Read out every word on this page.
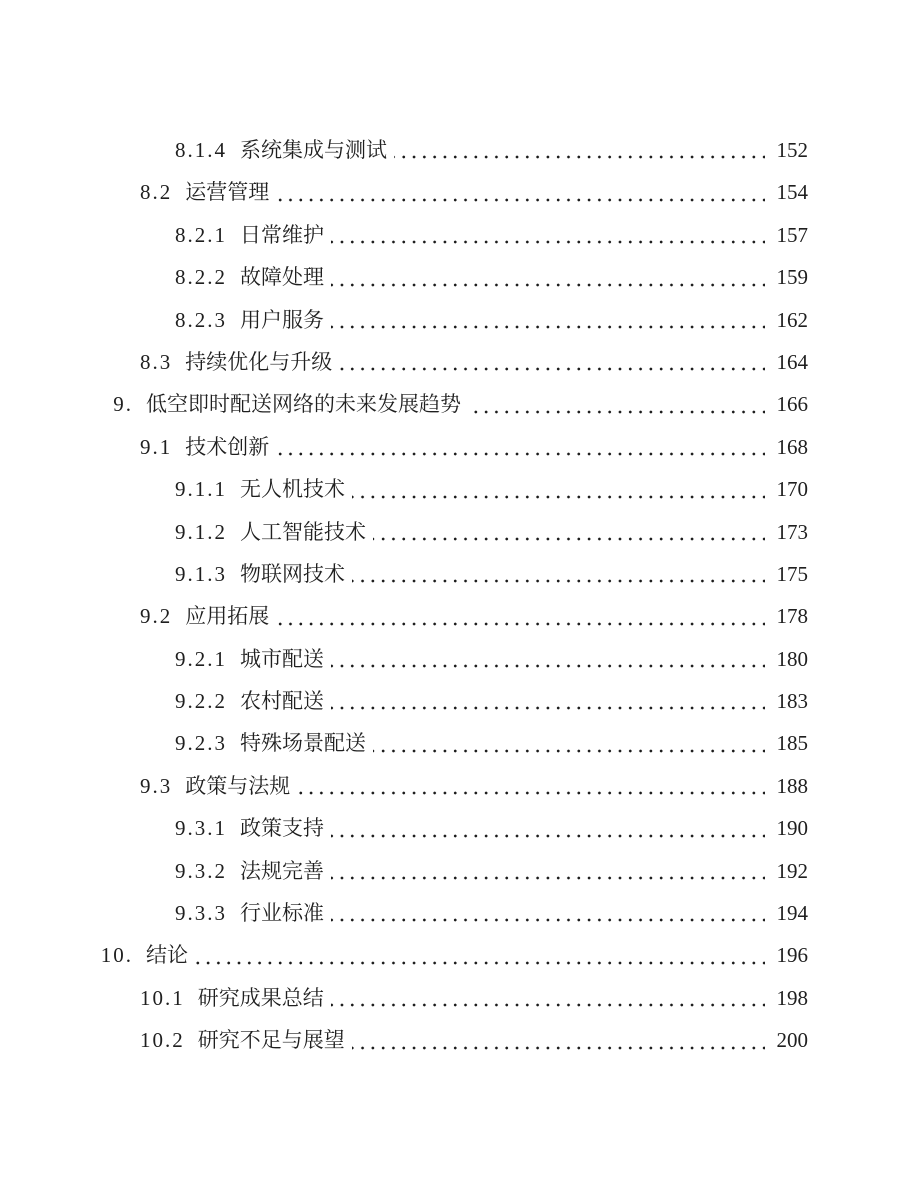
8.1.4 系统集成与测试	152
8.2 运营管理	154
8.2.1 日常维护	157
8.2.2 故障处理	159
8.2.3 用户服务	162
8.3 持续优化与升级	164
9. 低空即时配送网络的未来发展趋势	166
9.1 技术创新	168
9.1.1 无人机技术	170
9.1.2 人工智能技术	173
9.1.3 物联网技术	175
9.2 应用拓展	178
9.2.1 城市配送	180
9.2.2 农村配送	183
9.2.3 特殊场景配送	185
9.3 政策与法规	188
9.3.1 政策支持	190
9.3.2 法规完善	192
9.3.3 行业标准	194
10. 结论	196
10.1 研究成果总结	198
10.2 研究不足与展望	200
